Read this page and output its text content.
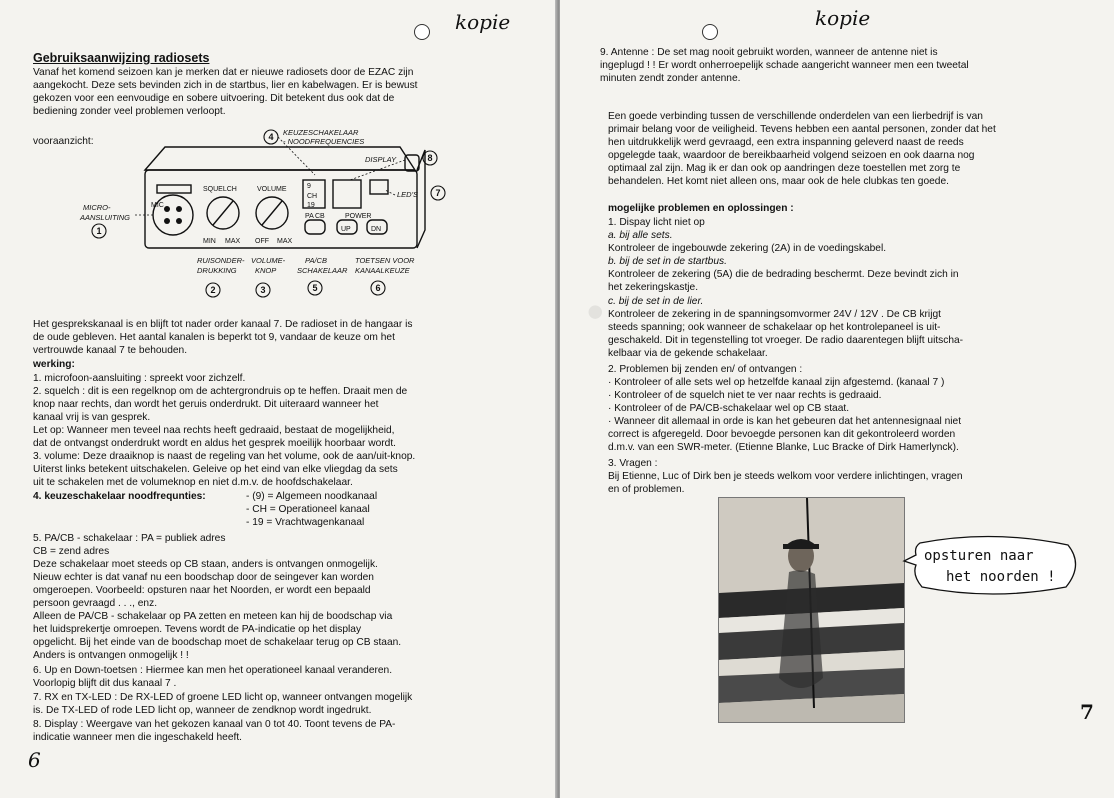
kopie
Gebruiksaanwijzing radiosets
Vanaf het komend seizoen kan je merken dat er nieuwe radiosets door de EZAC zijn
aangekocht. Deze sets bevinden zich in de startbus, lier en kabelwagen. Er is bewust
gekozen voor een eenvoudige en sobere uitvoering. Dit betekent dus ook dat de
bediening zonder veel problemen verloopt.
vooraanzicht:
MIC
SQUELCH	VOLUME
MIN MAX OFF MAX
PA CB	POWER
9
CH
19
UP	DN
KEUZESCHAKELAAR
- NOODFREQUENCIES
DISPLAY
LED'S
MICRO-
AANSLUITING
RUISONDER-
DRUKKING
VOLUME-
KNOP
PA/CB
SCHAKELAAR
TOETSEN VOOR
KANAALKEUZE
1
2	3
4
5	6
7
8
Het gesprekskanaal is en blijft tot nader order kanaal 7. De radioset in de hangaar is
de oude gebleven. Het aantal kanalen is beperkt tot 9, vandaar de keuze om het
vertrouwde kanaal 7 te behouden.
werking:
1. microfoon-aansluiting : spreekt voor zichzelf.
2. squelch : dit is een regelknop om de achtergrondruis op te heffen. Draait men de
knop naar rechts, dan wordt het geruis onderdrukt. Dit uiteraard wanneer het
kanaal vrij is van gesprek.
Let op: Wanneer men teveel naa rechts heeft gedraaid, bestaat de mogelijkheid,
dat de ontvangst onderdrukt wordt en aldus het gesprek moeilijk hoorbaar wordt.
3. volume: Deze draaiknop is naast de regeling van het volume, ook de aan/uit-knop.
Uiterst links betekent uitschakelen. Geleive op het eind van elke vliegdag da sets
uit te schakelen met de volumeknop en niet d.m.v. de hoofdschakelaar.
4. keuzeschakelaar noodfrequnties:	- (9) = Algemeen noodkanaal
- CH = Operationeel kanaal
- 19 = Vrachtwagenkanaal
5. PA/CB - schakelaar : PA = publiek adres
CB = zend adres
Deze schakelaar moet steeds op CB staan, anders is ontvangen onmogelijk.
Nieuw echter is dat vanaf nu een boodschap door de seingever kan worden
omgeroepen. Voorbeeld: opsturen naar het Noorden, er wordt een bepaald
persoon gevraagd . . ., enz.
Alleen de PA/CB - schakelaar op PA zetten en meteen kan hij de boodschap via
het luidsprekertje omroepen. Tevens wordt de PA-indicatie op het display
opgelicht. Bij het einde van de boodschap moet de schakelaar terug op CB staan.
Anders is ontvangen onmogelijk ! !
6. Up en Down-toetsen : Hiermee kan men het operationeel kanaal veranderen.
Voorlopig blijft dit dus kanaal 7 .
7. RX en TX-LED : De RX-LED of groene LED licht op, wanneer ontvangen mogelijk
is. De TX-LED of rode LED licht op, wanneer de zendknop wordt ingedrukt.
8. Display : Weergave van het gekozen kanaal van 0 tot 40. Toont tevens de PA-
indicatie wanneer men die ingeschakeld heeft.
6
.
kopie
9. Antenne : De set mag nooit gebruikt worden, wanneer de antenne niet is
ingeplugd ! ! Er wordt onherroepelijk schade aangericht wanneer men een tweetal
minuten zendt zonder antenne.
Een goede verbinding tussen de verschillende onderdelen van een lierbedrijf is van
primair belang voor de veiligheid. Tevens hebben een aantal personen, zonder dat het
hen uitdrukkelijk werd gevraagd, een extra inspanning geleverd naast de reeds
opgelegde taak, waardoor de bereikbaarheid volgend seizoen en ook daarna nog
optimaal zal zijn. Mag ik er dan ook op aandringen deze toestellen met zorg te
behandelen. Het komt niet alleen ons, maar ook de hele clubkas ten goede.
mogelijke problemen en oplossingen :
1. Dispay licht niet op
a. bij alle sets.
Kontroleer de ingebouwde zekering (2A) in de voedingskabel.
b. bij de set in de startbus.
Kontroleer de zekering (5A) die de bedrading beschermt. Deze bevindt zich in
het zekeringskastje.
c. bij de set in de lier.
Kontroleer de zekering in de spanningsomvormer 24V / 12V . De CB krijgt
steeds spanning; ook wanneer de schakelaar op het kontrolepaneel is uit-
geschakeld. Dit in tegenstelling tot vroeger. De radio daarentegen blijft uitscha-
kelbaar via de gekende schakelaar.
2. Problemen bij zenden en/ of ontvangen :
· Kontroleer of alle sets wel op hetzelfde kanaal zijn afgestemd. (kanaal 7 )
· Kontroleer of de squelch niet te ver naar rechts is gedraaid.
· Kontroleer of de PA/CB-schakelaar wel op CB staat.
· Wanneer dit allemaal in orde is kan het gebeuren dat het antennesignaal niet
correct is afgeregeld. Door bevoegde personen kan dit gekontroleerd worden
d.m.v. van een SWR-meter. (Etienne Blanke, Luc Bracke of Dirk Hamerlynck).
3. Vragen :
Bij Etienne, Luc of Dirk ben je steeds welkom voor verdere inlichtingen, vragen
en of problemen.
7
opsturen naar
het noorden !
